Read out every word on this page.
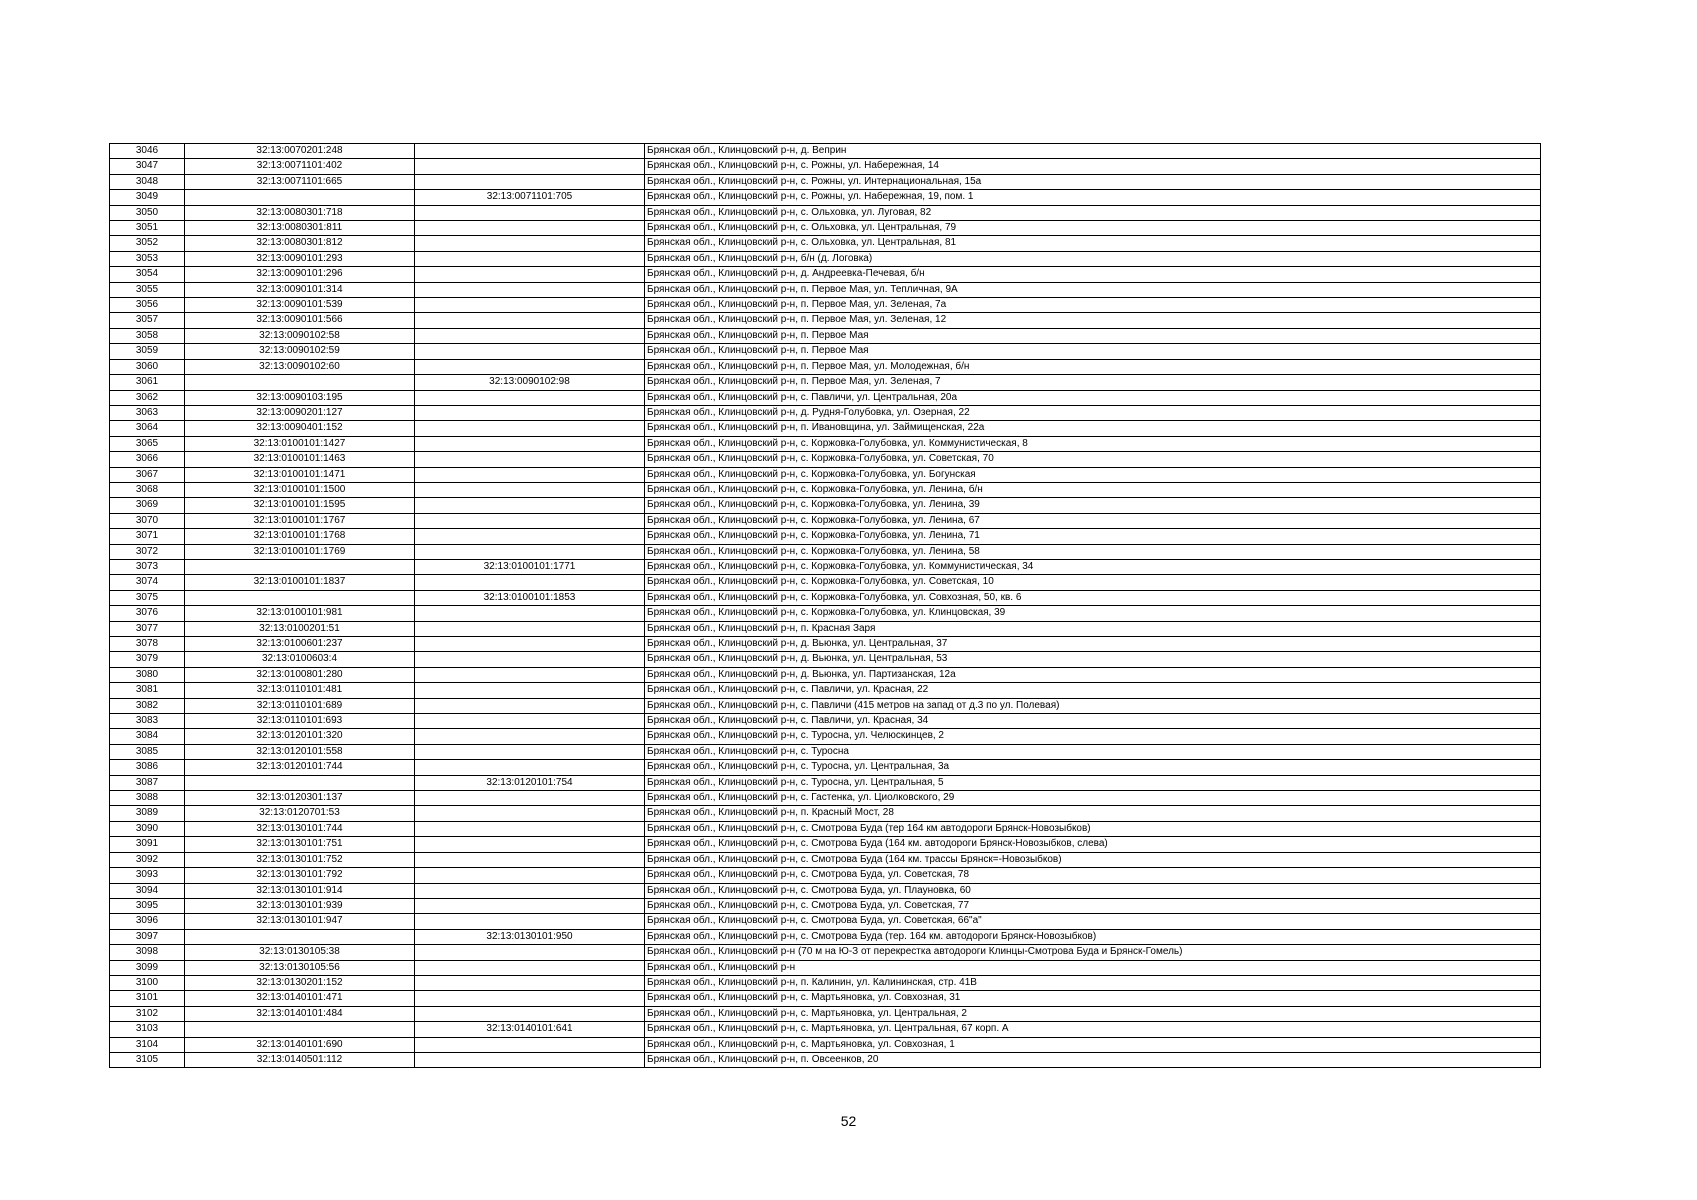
3046	32:13:0070201:248		Брянская обл., Клинцовский р-н, д. Веприн
3047	32:13:0071101:402		Брянская обл., Клинцовский р-н, с. Рожны, ул. Набережная, 14
3048	32:13:0071101:665		Брянская обл., Клинцовский р-н, с. Рожны, ул. Интернациональная, 15а
3049		32:13:0071101:705	Брянская обл., Клинцовский р-н, с. Рожны, ул. Набережная, 19, пом. 1
3050	32:13:0080301:718		Брянская обл., Клинцовский р-н, с. Ольховка, ул. Луговая, 82
3051	32:13:0080301:811		Брянская обл., Клинцовский р-н, с. Ольховка, ул. Центральная, 79
3052	32:13:0080301:812		Брянская обл., Клинцовский р-н, с. Ольховка, ул. Центральная, 81
3053	32:13:0090101:293		Брянская обл., Клинцовский р-н, б/н (д. Логовка)
3054	32:13:0090101:296		Брянская обл., Клинцовский р-н, д. Андреевка-Печевая, б/н
3055	32:13:0090101:314		Брянская обл., Клинцовский р-н, п. Первое Мая, ул. Тепличная, 9А
3056	32:13:0090101:539		Брянская обл., Клинцовский р-н, п. Первое Мая, ул. Зеленая, 7а
3057	32:13:0090101:566		Брянская обл., Клинцовский р-н, п. Первое Мая, ул. Зеленая, 12
3058	32:13:0090102:58		Брянская обл., Клинцовский р-н, п. Первое Мая
3059	32:13:0090102:59		Брянская обл., Клинцовский р-н, п. Первое Мая
3060	32:13:0090102:60		Брянская обл., Клинцовский р-н, п. Первое Мая, ул. Молодежная, б/н
3061		32:13:0090102:98	Брянская обл., Клинцовский р-н, п. Первое Мая, ул. Зеленая, 7
3062	32:13:0090103:195		Брянская обл., Клинцовский р-н, с. Павличи, ул. Центральная, 20а
3063	32:13:0090201:127		Брянская обл., Клинцовский р-н, д. Рудня-Голубовка, ул. Озерная, 22
3064	32:13:0090401:152		Брянская обл., Клинцовский р-н, п. Ивановщина, ул. Займищенская, 22а
3065	32:13:0100101:1427		Брянская обл., Клинцовский р-н, с. Коржовка-Голубовка, ул. Коммунистическая, 8
3066	32:13:0100101:1463		Брянская обл., Клинцовский р-н, с. Коржовка-Голубовка, ул. Советская, 70
3067	32:13:0100101:1471		Брянская обл., Клинцовский р-н, с. Коржовка-Голубовка, ул. Богунская
3068	32:13:0100101:1500		Брянская обл., Клинцовский р-н, с. Коржовка-Голубовка, ул. Ленина, б/н
3069	32:13:0100101:1595		Брянская обл., Клинцовский р-н, с. Коржовка-Голубовка, ул. Ленина, 39
3070	32:13:0100101:1767		Брянская обл., Клинцовский р-н, с. Коржовка-Голубовка, ул. Ленина, 67
3071	32:13:0100101:1768		Брянская обл., Клинцовский р-н, с. Коржовка-Голубовка, ул. Ленина, 71
3072	32:13:0100101:1769		Брянская обл., Клинцовский р-н, с. Коржовка-Голубовка, ул. Ленина, 58
3073		32:13:0100101:1771	Брянская обл., Клинцовский р-н, с. Коржовка-Голубовка, ул. Коммунистическая, 34
3074	32:13:0100101:1837		Брянская обл., Клинцовский р-н, с. Коржовка-Голубовка, ул. Советская, 10
3075		32:13:0100101:1853	Брянская обл., Клинцовский р-н, с. Коржовка-Голубовка, ул. Совхозная, 50, кв. 6
3076	32:13:0100101:981		Брянская обл., Клинцовский р-н, с. Коржовка-Голубовка, ул. Клинцовская, 39
3077	32:13:0100201:51		Брянская обл., Клинцовский р-н, п. Красная Заря
3078	32:13:0100601:237		Брянская обл., Клинцовский р-н, д. Вьюнка, ул. Центральная, 37
3079	32:13:0100603:4		Брянская обл., Клинцовский р-н, д. Вьюнка, ул. Центральная, 53
3080	32:13:0100801:280		Брянская обл., Клинцовский р-н, д. Вьюнка, ул. Партизанская, 12а
3081	32:13:0110101:481		Брянская обл., Клинцовский р-н, с. Павличи, ул. Красная, 22
3082	32:13:0110101:689		Брянская обл., Клинцовский р-н, с. Павличи (415 метров на запад от д.3 по ул. Полевая)
3083	32:13:0110101:693		Брянская обл., Клинцовский р-н, с. Павличи, ул. Красная, 34
3084	32:13:0120101:320		Брянская обл., Клинцовский р-н, с. Туросна, ул. Челюскинцев, 2
3085	32:13:0120101:558		Брянская обл., Клинцовский р-н, с. Туросна
3086	32:13:0120101:744		Брянская обл., Клинцовский р-н, с. Туросна, ул. Центральная, 3а
3087		32:13:0120101:754	Брянская обл., Клинцовский р-н, с. Туросна, ул. Центральная, 5
3088	32:13:0120301:137		Брянская обл., Клинцовский р-н, с. Гастенка, ул. Циолковского, 29
3089	32:13:0120701:53		Брянская обл., Клинцовский р-н, п. Красный Мост, 28
3090	32:13:0130101:744		Брянская обл., Клинцовский р-н, с. Смотрова Буда (тер 164 км автодороги Брянск-Новозыбков)
3091	32:13:0130101:751		Брянская обл., Клинцовский р-н, с. Смотрова Буда (164 км. автодороги Брянск-Новозыбков, слева)
3092	32:13:0130101:752		Брянская обл., Клинцовский р-н, с. Смотрова Буда (164 км. трассы Брянск=-Новозыбков)
3093	32:13:0130101:792		Брянская обл., Клинцовский р-н, с. Смотрова Буда, ул. Советская, 78
3094	32:13:0130101:914		Брянская обл., Клинцовский р-н, с. Смотрова Буда, ул. Плауновка, 60
3095	32:13:0130101:939		Брянская обл., Клинцовский р-н, с. Смотрова Буда, ул. Советская, 77
3096	32:13:0130101:947		Брянская обл., Клинцовский р-н, с. Смотрова Буда, ул. Советская, 66"а"
3097		32:13:0130101:950	Брянская обл., Клинцовский р-н, с. Смотрова Буда (тер. 164 км. автодороги Брянск-Новозыбков)
3098	32:13:0130105:38		Брянская обл., Клинцовский р-н (70 м на Ю-З от перекрестка автодороги Клинцы-Смотрова Буда и Брянск-Гомель)
3099	32:13:0130105:56		Брянская обл., Клинцовский р-н
3100	32:13:0130201:152		Брянская обл., Клинцовский р-н, п. Калинин, ул. Калининская, стр. 41В
3101	32:13:0140101:471		Брянская обл., Клинцовский р-н, с. Мартьяновка, ул. Совхозная, 31
3102	32:13:0140101:484		Брянская обл., Клинцовский р-н, с. Мартьяновка, ул. Центральная, 2
3103		32:13:0140101:641	Брянская обл., Клинцовский р-н, с. Мартьяновка, ул. Центральная, 67 корп. А
3104	32:13:0140101:690		Брянская обл., Клинцовский р-н, с. Мартьяновка, ул. Совхозная, 1
3105	32:13:0140501:112		Брянская обл., Клинцовский р-н, п. Овсеенков, 20
52
